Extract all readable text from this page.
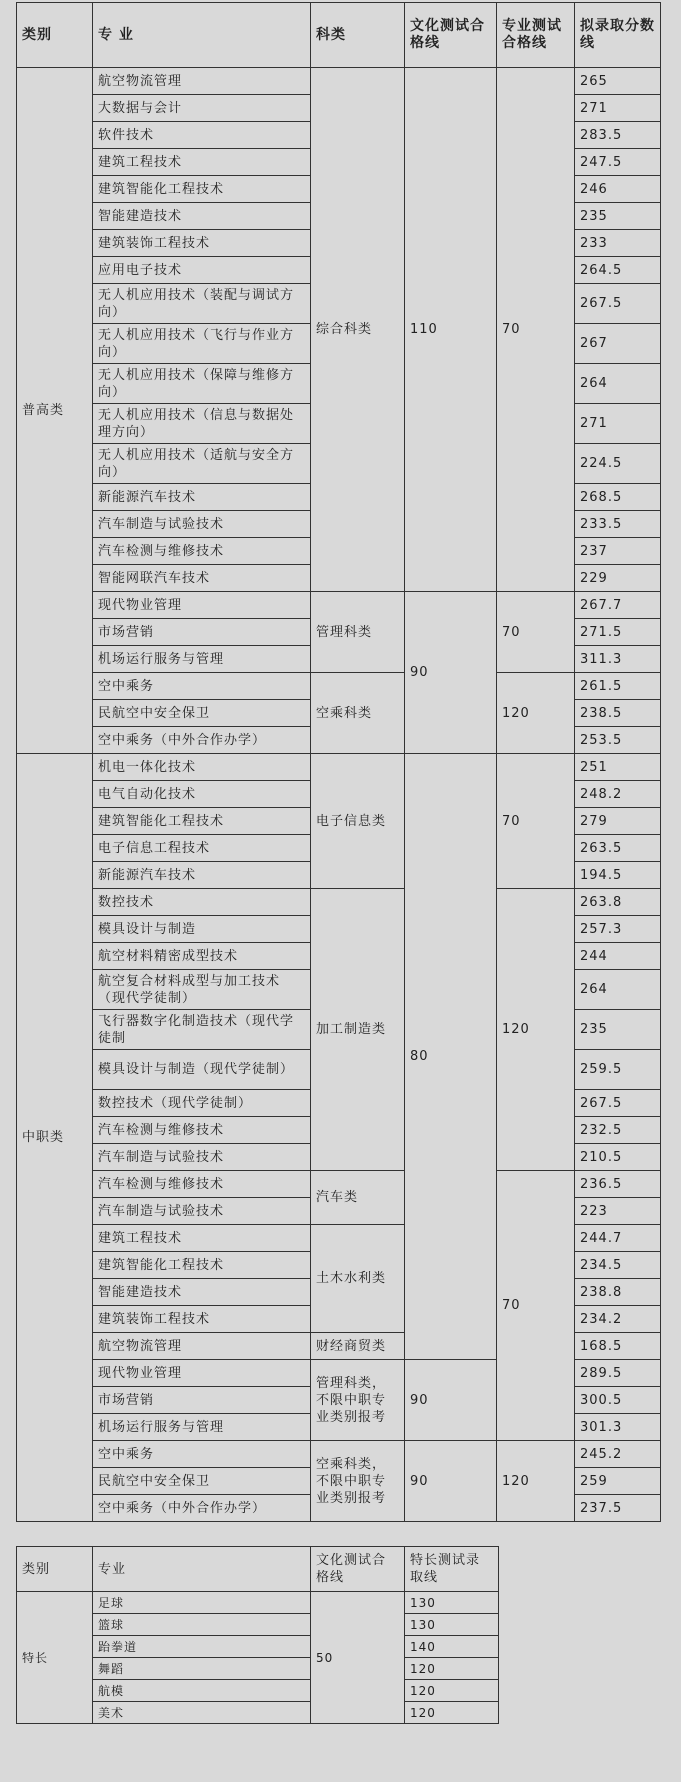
类别	专 业	科类	文化测试合格线	专业测试合格线	拟录取分数线
普高类	航空物流管理	综合科类	110	70	265
	大数据与会计				271
	软件技术				283.5
	建筑工程技术				247.5
	建筑智能化工程技术				246
	智能建造技术				235
	建筑装饰工程技术				233
	应用电子技术				264.5
	无人机应用技术（装配与调试方向）				267.5
	无人机应用技术（飞行与作业方向）				267
	无人机应用技术（保障与维修方向）				264
	无人机应用技术（信息与数据处理方向）				271
	无人机应用技术（适航与安全方向）				224.5
	新能源汽车技术				268.5
	汽车制造与试验技术				233.5
	汽车检测与维修技术				237
	智能网联汽车技术				229
	现代物业管理	管理科类	90	70	267.7
	市场营销				271.5
	机场运行服务与管理				311.3
	空中乘务	空乘科类		120	261.5
	民航空中安全保卫				238.5
	空中乘务（中外合作办学）				253.5
中职类	机电一体化技术	电子信息类	80	70	251
	电气自动化技术				248.2
	建筑智能化工程技术				279
	电子信息工程技术				263.5
	新能源汽车技术				194.5
	数控技术	加工制造类		120	263.8
	模具设计与制造				257.3
	航空材料精密成型技术				244
	航空复合材料成型与加工技术（现代学徒制）				264
	飞行器数字化制造技术（现代学徒制				235
	模具设计与制造（现代学徒制）				259.5
	数控技术（现代学徒制）				267.5
	汽车检测与维修技术				232.5
	汽车制造与试验技术				210.5
	汽车检测与维修技术	汽车类		70	236.5
	汽车制造与试验技术				223
	建筑工程技术	土木水利类			244.7
	建筑智能化工程技术				234.5
	智能建造技术				238.8
	建筑装饰工程技术				234.2
	航空物流管理	财经商贸类			168.5
	现代物业管理	管理科类，不限中职专业类别报考	90		289.5
	市场营销				300.5
	机场运行服务与管理				301.3
	空中乘务	空乘科类，不限中职专业类别报考	90	120	245.2
	民航空中安全保卫				259
	空中乘务（中外合作办学）				237.5
类别	专业	文化测试合格线	特长测试录取线
特长	足球	50	130
	篮球		130
	跆拳道		140
	舞蹈		120
	航模		120
	美术		120
